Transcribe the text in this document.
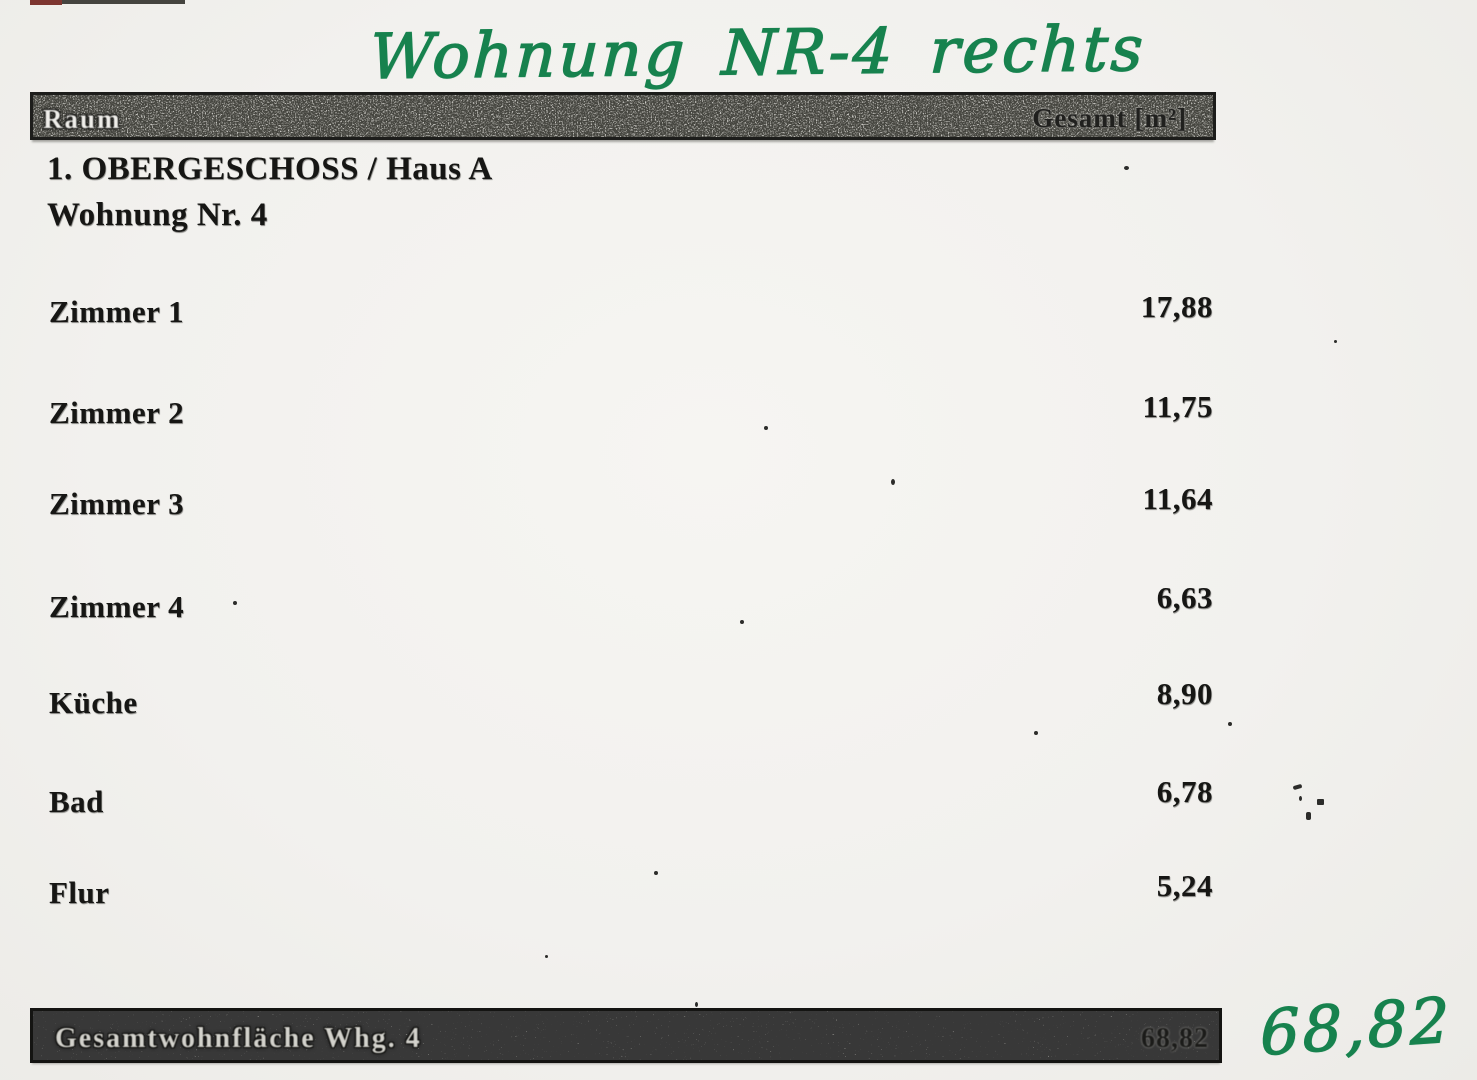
Wohnung NR-4 rechts
Raum	Gesamt [m²]
1. OBERGESCHOSS / Haus A
Wohnung Nr. 4
Zimmer 1	17,88
Zimmer 2	11,75
Zimmer 3	11,64
Zimmer 4	6,63
Küche	8,90
Bad	6,78
Flur	5,24
Gesamtwohnfläche Whg. 4	68,82 68,82
